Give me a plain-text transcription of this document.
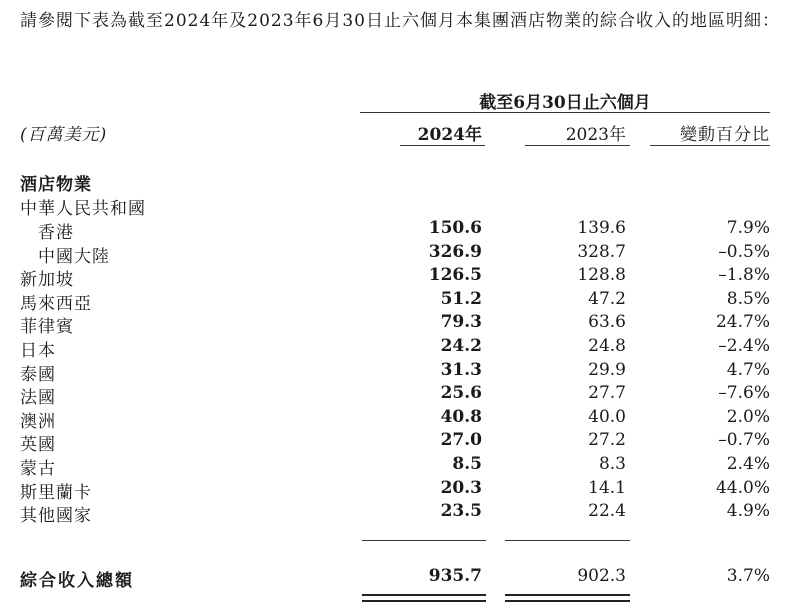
請參閱下表為截至2024年及2023年6月30日止六個月本集團酒店物業的綜合收入的地區明細：
截至6月30日止六個月
(百萬美元)	2024年	2023年	變動百分比
酒店物業
中華人民共和國
香港	150.6	139.6	7.9%
中國大陸	326.9	328.7	–0.5%
新加坡	126.5	128.8	–1.8%
馬來西亞	51.2	47.2	8.5%
菲律賓	79.3	63.6	24.7%
日本	24.2	24.8	–2.4%
泰國	31.3	29.9	4.7%
法國	25.6	27.7	–7.6%
澳洲	40.8	40.0	2.0%
英國	27.0	27.2	–0.7%
蒙古	8.5	8.3	2.4%
斯里蘭卡	20.3	14.1	44.0%
其他國家	23.5	22.4	4.9%
綜合收入總額	935.7	902.3	3.7%
